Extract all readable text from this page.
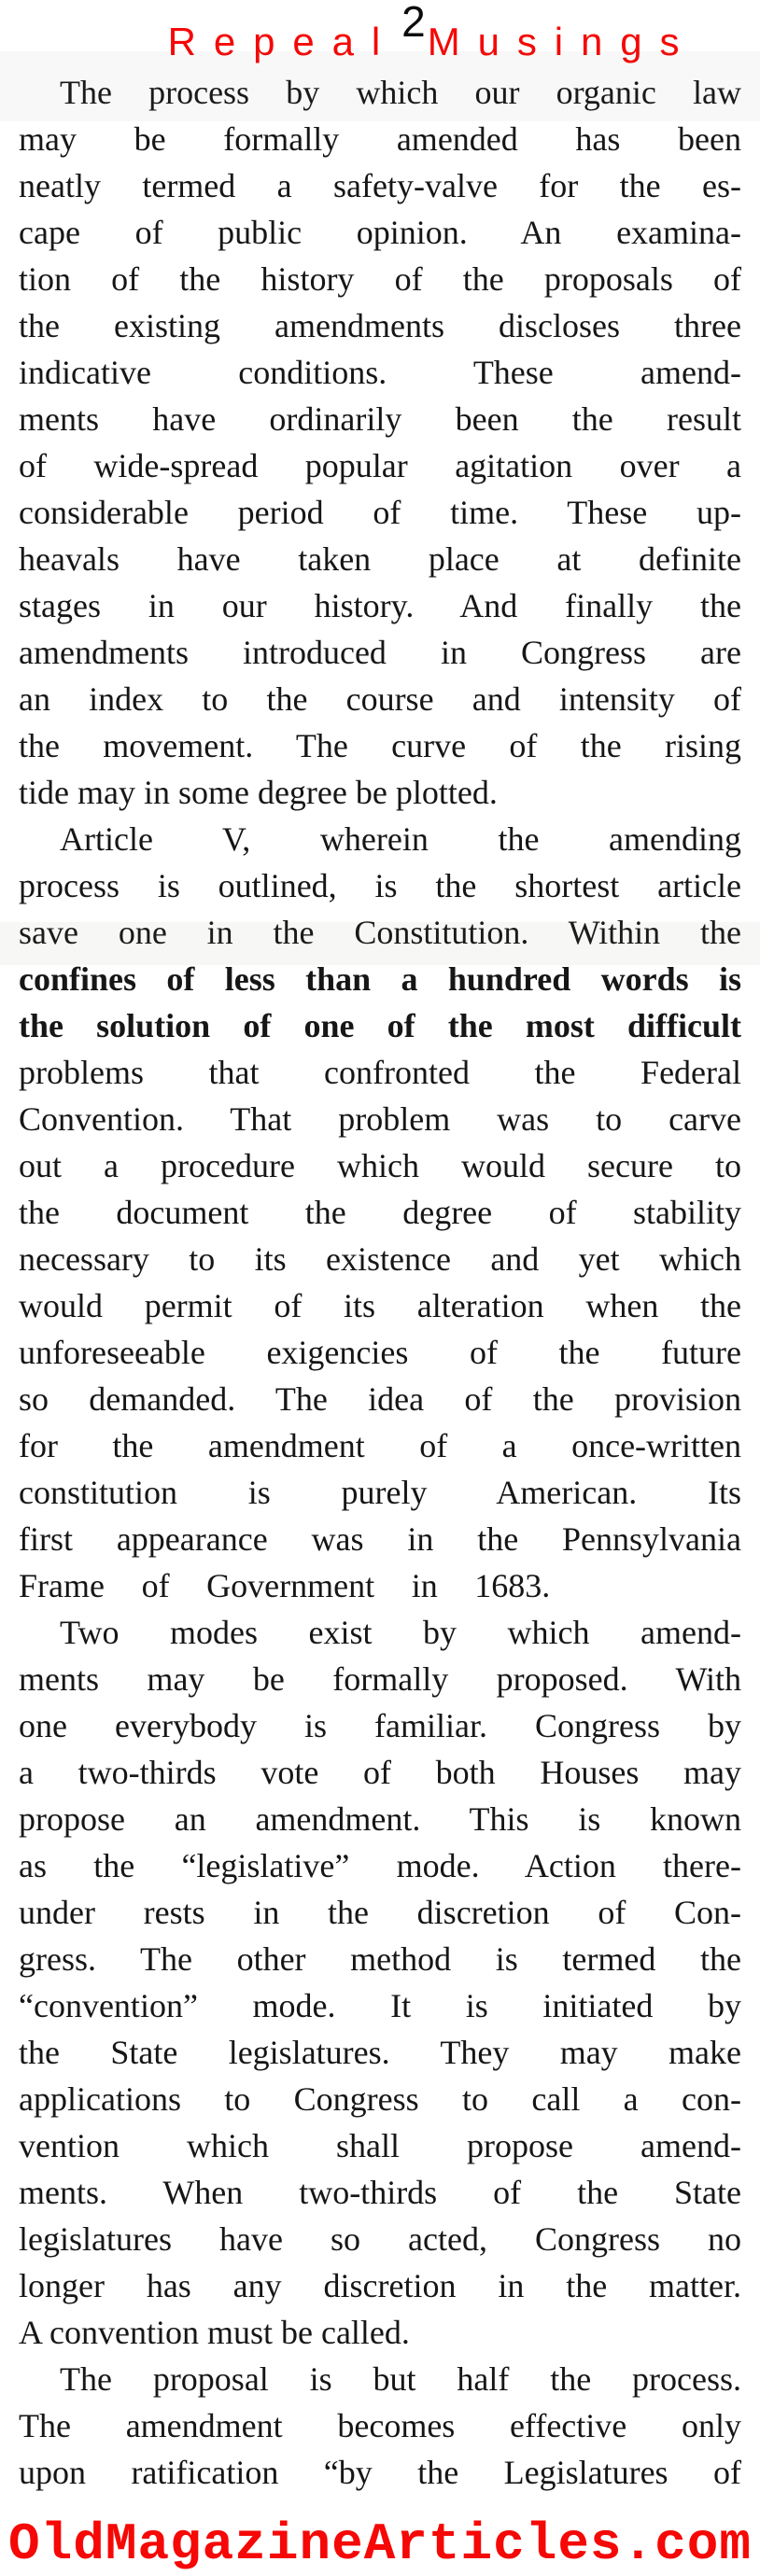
Repeal2Musings
The process by which our organic law
may be formally amended has been
neatly termed a safety-valve for the es-
cape of public opinion. An examina-
tion of the history of the proposals of
the existing amendments discloses three
indicative conditions. These amend-
ments have ordinarily been the result
of wide-spread popular agitation over a
considerable period of time. These up-
heavals have taken place at definite
stages in our history. And finally the
amendments introduced in Congress are
an index to the course and intensity of
the movement. The curve of the rising
tide may in some degree be plotted.
Article V, wherein the amending
process is outlined, is the shortest article
save one in the Constitution. Within the
confines of less than a hundred words is
the solution of one of the most difficult
problems that confronted the Federal
Convention. That problem was to carve
out a procedure which would secure to
the document the degree of stability
necessary to its existence and yet which
would permit of its alteration when the
unforeseeable exigencies of the future
so demanded. The idea of the provision
for the amendment of a once-written
constitution is purely American. Its
first appearance was in the Pennsylvania
Frame of Government in 1683.
Two modes exist by which amend-
ments may be formally proposed. With
one everybody is familiar. Congress by
a two-thirds vote of both Houses may
propose an amendment. This is known
as the “legislative” mode. Action there-
under rests in the discretion of Con-
gress. The other method is termed the
“convention” mode. It is initiated by
the State legislatures. They may make
applications to Congress to call a con-
vention which shall propose amend-
ments. When two-thirds of the State
legislatures have so acted, Congress no
longer has any discretion in the matter.
A convention must be called.
The proposal is but half the process.
The amendment becomes effective only
upon ratification “by the Legislatures of
OldMagazineArticles.com
